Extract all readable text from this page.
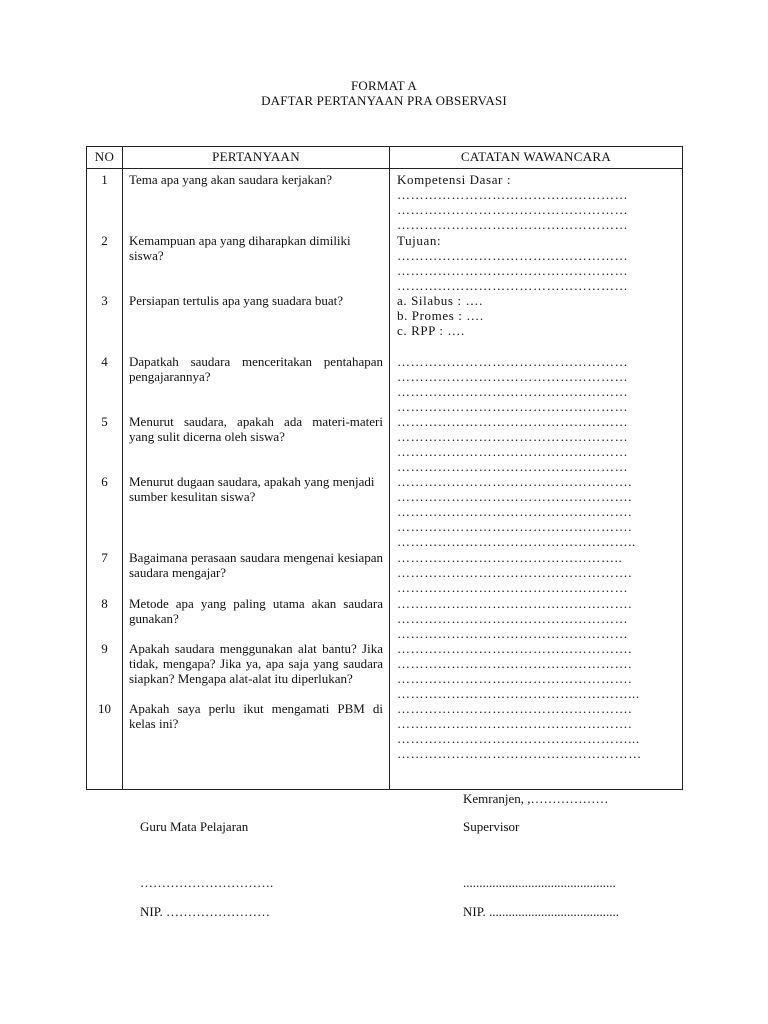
FORMAT A
DAFTAR PERTANYAAN PRA OBSERVASI
NO	PERTANYAAN	CATATAN WAWANCARA
1	Tema apa yang akan saudara kerjakan?	Kompetensi Dasar :
……………………………………………
……………………………………………
……………………………………………
2	Kemampuan apa yang diharapkan dimiliki siswa?
Tujuan:
……………………………………………
……………………………………………
……………………………………………
3	Persiapan tertulis apa yang suadara buat?	a. Silabus : ….
b. Promes : ….
c. RPP : ….
4	Dapatkah saudara menceritakan pentahapan pengajarannya?
……………………………………………
……………………………………………
……………………………………………
……………………………………………
5	Menurut saudara, apakah ada materi-materi yang sulit dicerna oleh siswa?
……………………………………………
……………………………………………
……………………………………………
……………………………………………
6	Menurut dugaan saudara, apakah yang menjadi sumber kesulitan siswa?
…………………………………………….
…………………………………………….
…………………………………………….
…………………………………………….
……………………………………………..
7	Bagaimana perasaan saudara mengenai kesiapan saudara mengajar?
…………………………………………..
…………………………………………….
……………………………………………
8	Metode apa yang paling utama akan saudara gunakan?
…………………………………………….
……………………………………………
……………………………………………
9	Apakah saudara menggunakan alat bantu? Jika tidak, mengapa? Jika ya, apa saja yang saudara siapkan? Mengapa alat-alat itu diperlukan?
…………………………………………….
…………………………………………….
…………………………………………….
……………………………………………...
10	Apakah saya perlu ikut mengamati PBM di kelas ini?
…………………………………………….
…………………………………………….
……………………………………………...
………………………………………………
Kemranjen, ,………………
Guru Mata Pelajaran	Supervisor
………………………….	...............................................
NIP. ……………………	NIP. ........................................
